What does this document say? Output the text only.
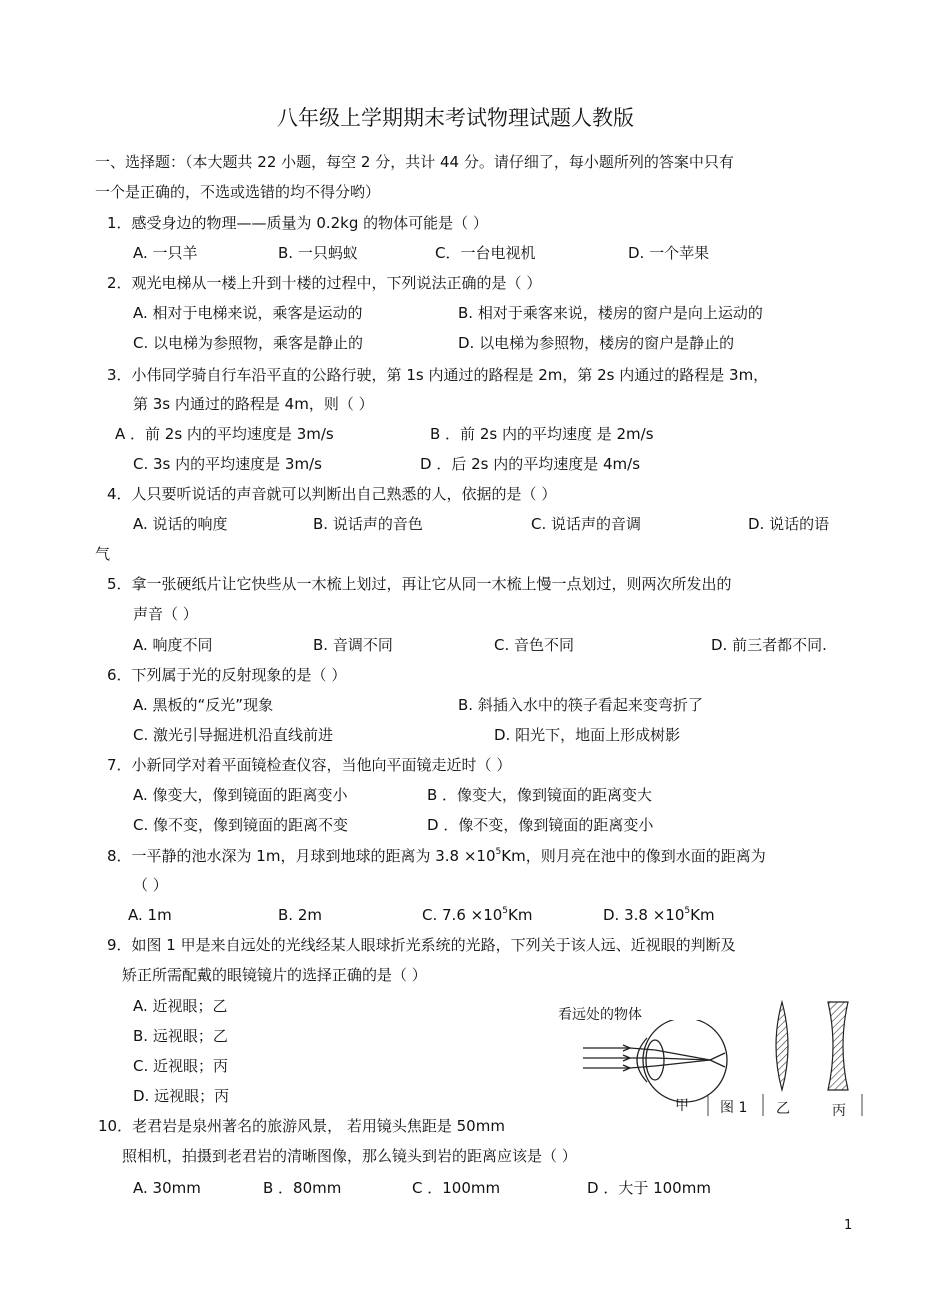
八年级上学期期末考试物理试题人教版
一、选择题：（本大题共 22 小题，每空 2 分，共计 44 分。请仔细了，每小题所列的答案中只有
一个是正确的，不选或选错的均不得分哟）
1．感受身边的物理——质量为 0.2kg 的物体可能是（ ）
A. 一只羊	B. 一只蚂蚁	C．一台电视机	D. 一个苹果
2．观光电梯从一楼上升到十楼的过程中，下列说法正确的是（ ）
A. 相对于电梯来说，乘客是运动的	B. 相对于乘客来说，楼房的窗户是向上运动的
C. 以电梯为参照物，乘客是静止的	D. 以电梯为参照物，楼房的窗户是静止的
3．小伟同学骑自行车沿平直的公路行驶，第 1s 内通过的路程是 2m，第 2s 内通过的路程是 3m，
第 3s 内通过的路程是 4m，则（ ）
A ．前 2s 内的平均速度是 3m/s	B ．前 2s 内的平均速度 是 2m/s
C. 3s 内的平均速度是 3m/s	D ．后 2s 内的平均速度是 4m/s
4．人只要听说话的声音就可以判断出自己熟悉的人，依据的是（ ）
A. 说话的响度	B. 说话声的音色	C. 说话声的音调	D. 说话的语
气
5．拿一张硬纸片让它快些从一木梳上划过，再让它从同一木梳上慢一点划过，则两次所发出的
声音（ ）
A. 响度不同	B. 音调不同	C. 音色不同	D. 前三者都不同.
6．下列属于光的反射现象的是（ ）
A. 黑板的“反光”现象	B. 斜插入水中的筷子看起来变弯折了
C. 激光引导掘进机沿直线前进	D. 阳光下，地面上形成树影
7．小新同学对着平面镜检查仪容，当他向平面镜走近时（ ）
A. 像变大，像到镜面的距离变小	B ．像变大，像到镜面的距离变大
C. 像不变，像到镜面的距离不变	D ．像不变，像到镜面的距离变小
8．一平静的池水深为 1m，月球到地球的距离为 $3.8 \times 10^5Km$，则月亮在池中的像到水面的距离为
（ ）
A. 1m	B. 2m	C. $7.6 \times 10^5Km$	D. $3.8 \times 10^5Km$
9．如图 1 甲是来自远处的光线经某人眼球折光系统的光路，下列关于该人远、近视眼的判断及
矫正所需配戴的眼镜镜片的选择正确的是（ ）
A. 近视眼；乙
B. 远视眼；乙
C. 近视眼；丙
D. 远视眼；丙
看远处的物体
甲 图 1 乙	丙
10．老君岩是泉州著名的旅游风景， 若用镜头焦距是 50mm
照相机，拍摄到老君岩的清晰图像，那么镜头到岩的距离应该是（ ）
A. 30mm	B ．80mm	C ．100mm	D ．大于 100mm
1
